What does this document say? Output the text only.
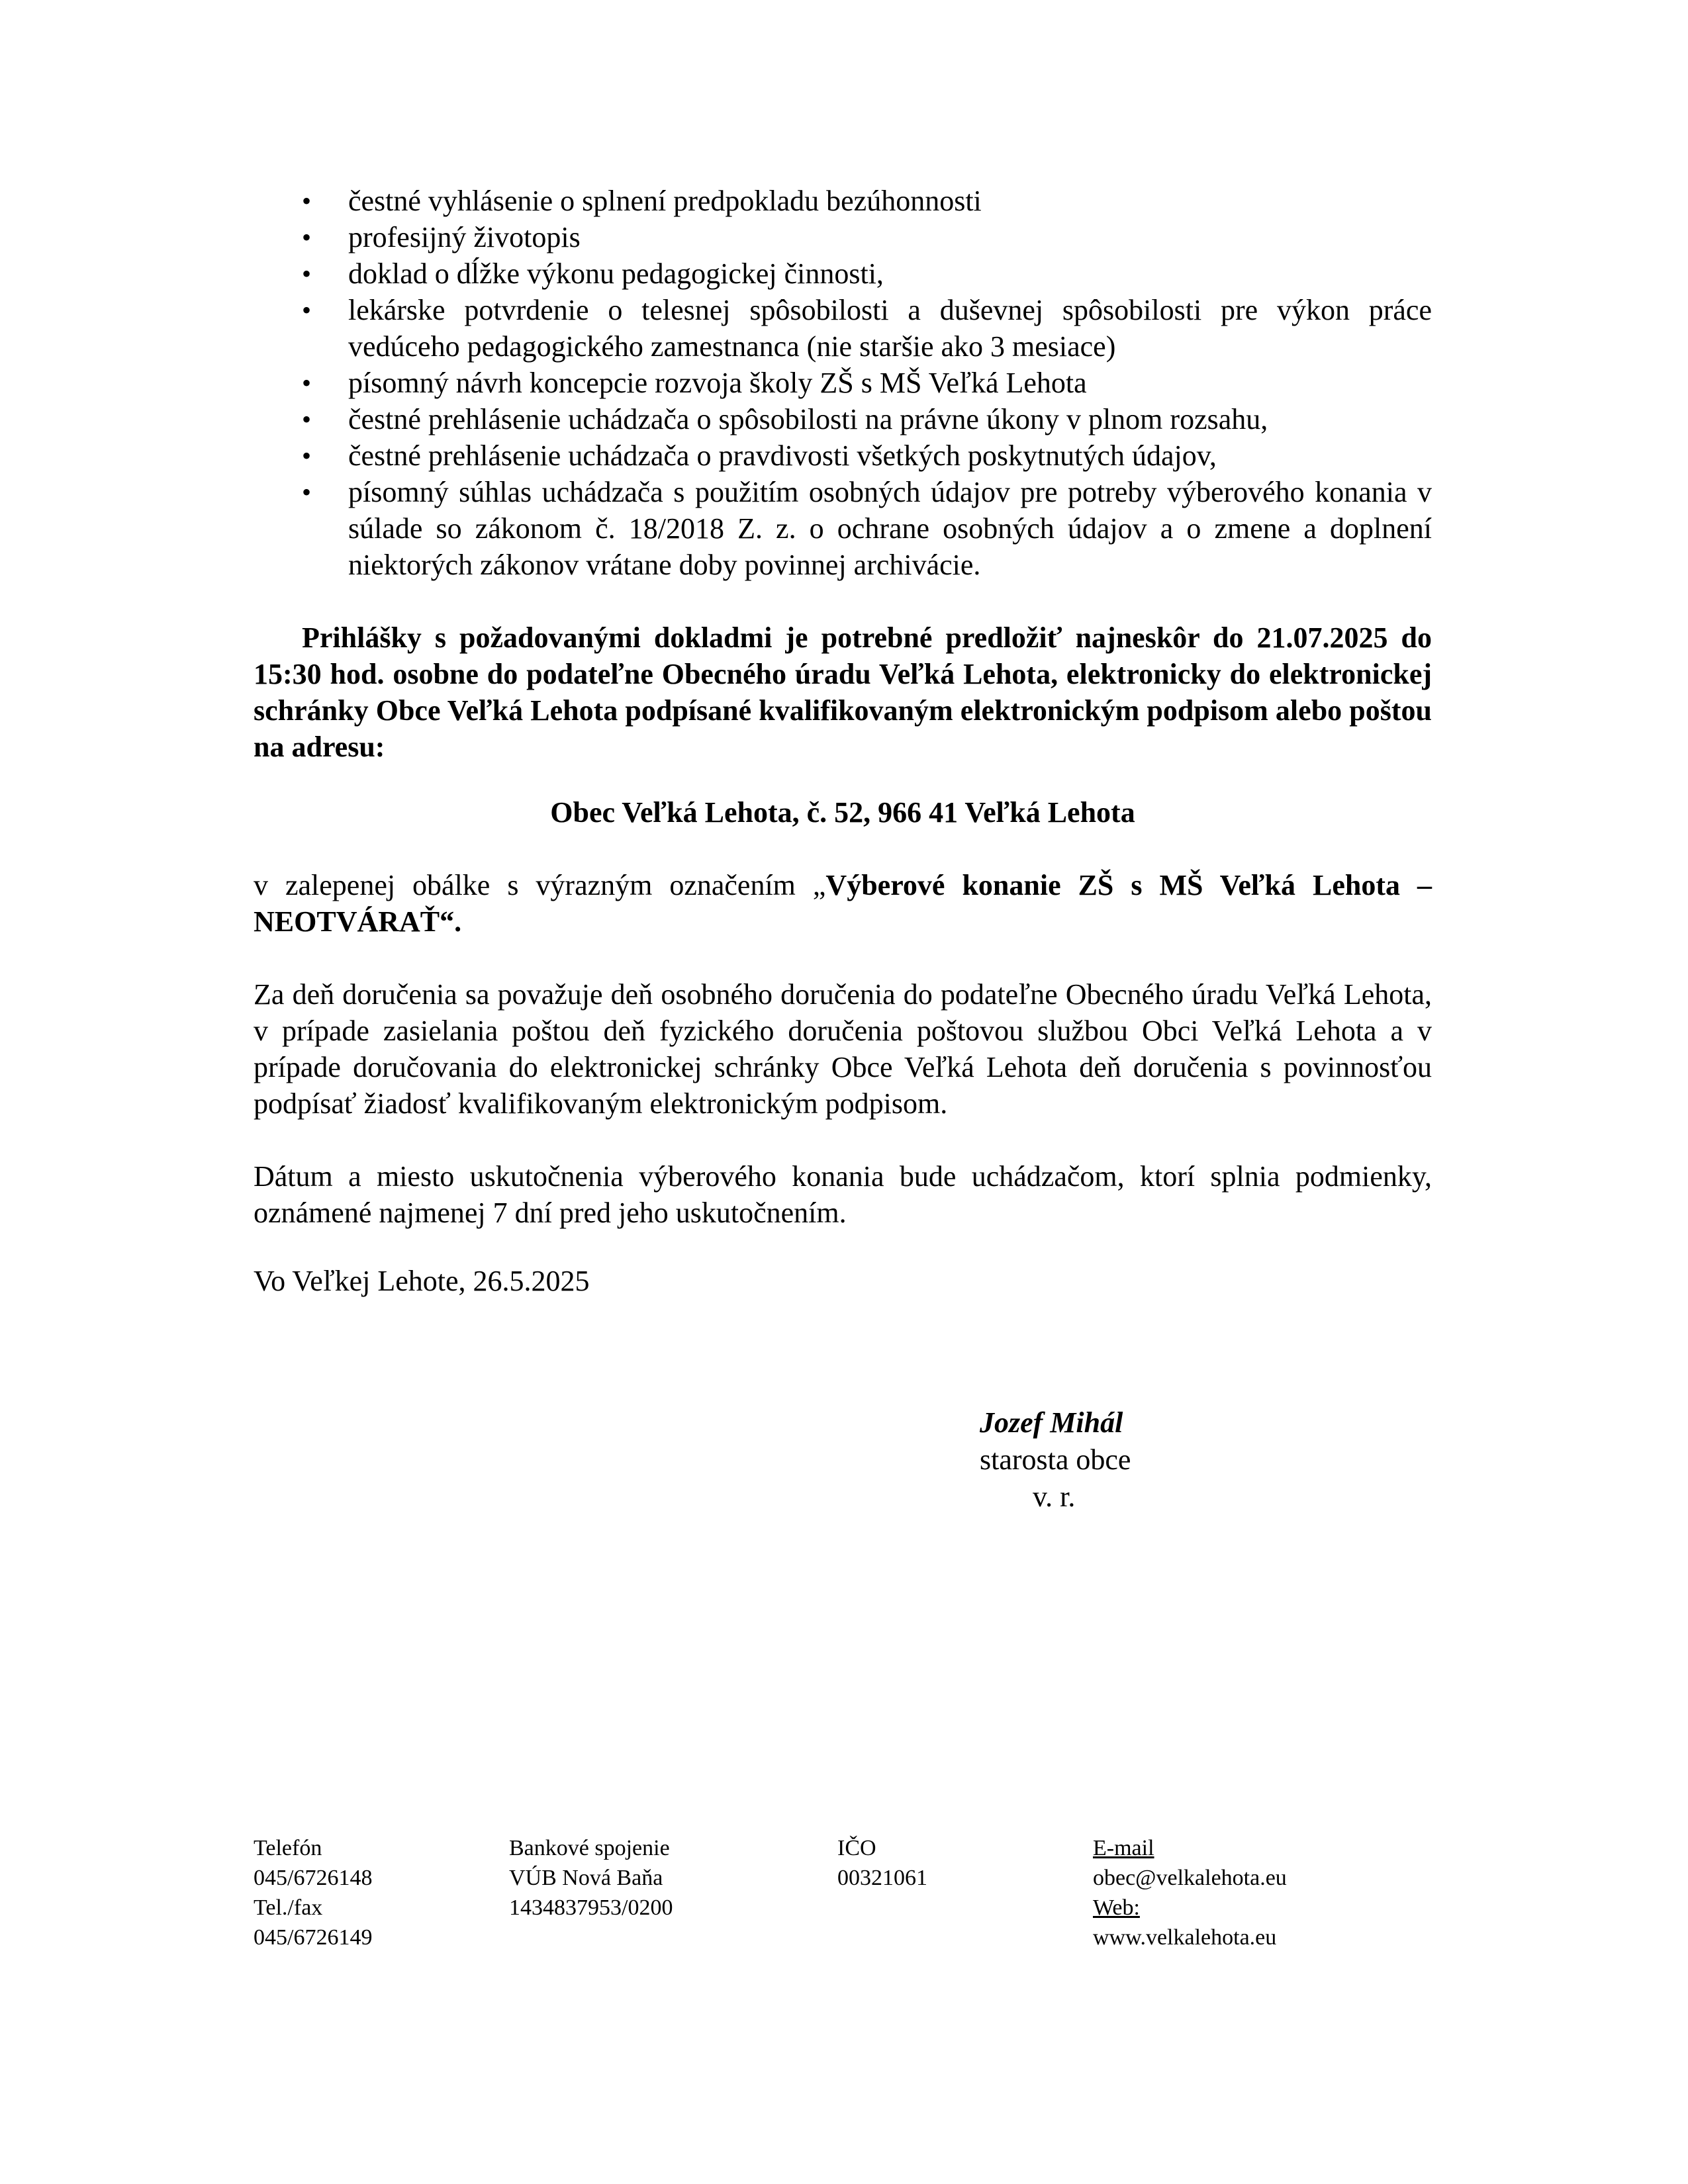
• čestné vyhlásenie o splnení predpokladu bezúhonnosti
• profesijný životopis
• doklad o dĺžke výkonu pedagogickej činnosti,
• lekárske potvrdenie o telesnej spôsobilosti a duševnej spôsobilosti pre výkon práce vedúceho pedagogického zamestnanca (nie staršie ako 3 mesiace)
• písomný návrh koncepcie rozvoja školy ZŠ s MŠ Veľká Lehota
• čestné prehlásenie uchádzača o spôsobilosti na právne úkony v plnom rozsahu,
• čestné prehlásenie uchádzača o pravdivosti všetkých poskytnutých údajov,
• písomný súhlas uchádzača s použitím osobných údajov pre potreby výberového konania v súlade so zákonom č. 18/2018 Z. z. o ochrane osobných údajov a o zmene a doplnení niektorých zákonov vrátane doby povinnej archivácie.

Prihlášky s požadovanými dokladmi je potrebné predložiť najneskôr do 21.07.2025 do 15:30 hod. osobne do podateľne Obecného úradu Veľká Lehota, elektronicky do elektronickej schránky Obce Veľká Lehota podpísané kvalifikovaným elektronickým podpisom alebo poštou na adresu:

Obec Veľká Lehota, č. 52, 966 41 Veľká Lehota

v zalepenej obálke s výrazným označením „Výberové konanie ZŠ s MŠ Veľká Lehota – NEOTVÁRAŤ“.

Za deň doručenia sa považuje deň osobného doručenia do podateľne Obecného úradu Veľká Lehota, v prípade zasielania poštou deň fyzického doručenia poštovou službou Obci Veľká Lehota a v prípade doručovania do elektronickej schránky Obce Veľká Lehota deň doručenia s povinnosťou podpísať žiadosť kvalifikovaným elektronickým podpisom.

Dátum a miesto uskutočnenia výberového konania bude uchádzačom, ktorí splnia podmienky, oznámené najmenej 7 dní pred jeho uskutočnením.

Vo Veľkej Lehote, 26.5.2025
Jozef Mihál
starosta obce
v. r.
Telefón
045/6726148
Tel./fax
045/6726149
Bankové spojenie
VÚB Nová Baňa
1434837953/0200
IČO
00321061
E-mail
obec@velkalehota.eu
Web:
www.velkalehota.eu
